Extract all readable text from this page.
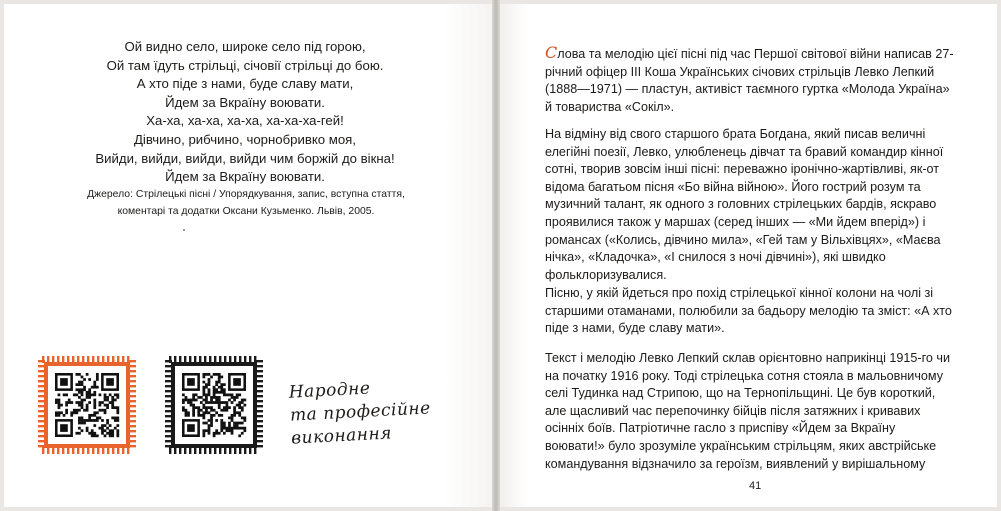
Ой видно село, широке село під горою,
Ой там їдуть стрільці, січовії стрільці до бою.
А хто піде з нами, буде славу мати,
Йдем за Вкраїну воювати.
Ха-ха, ха-ха, ха-ха, ха-ха-ха-гей!
Дівчино, рибчино, чорнобривко моя,
Вийди, вийди, вийди, вийди чим боржій до вікна!
Йдем за Вкраїну воювати.
Джерело: Стрілецькі пісні / Упорядкування, запис, вступна стаття,
коментарі та додатки Оксани Кузьменко. Львів, 2005.
Народне
та професійне
виконання

Слова та мелодію цієї пісні під час Першої світової війни написав 27-річний офіцер ІІІ Коша Українських січових стрільців Левко Лепкий (1888—1971) — пластун, активіст таємного гуртка «Молода Україна» й товариства «Сокіл».

На відміну від свого старшого брата Богдана, який писав величні елегійні поезії, Левко, улюбленець дівчат та бравий командир кінної сотні, творив зовсім інші пісні: переважно іронічно-жартівливі, як-от відома багатьом пісня «Бо війна війною». Його гострий розум та музичний талант, як одного з головних стрілецьких бардів, яскраво проявилися також у маршах (серед інших — «Ми йдем вперід») і романсах («Колись, дівчино мила», «Гей там у Вільхівцях», «Маєва нічка», «Кладочка», «І снилося з ночі дівчині»), які швидко фольклоризувалися.

Пісню, у якій йдеться про похід стрілецької кінної колони на чолі зі старшими отаманами, полюбили за бадьору мелодію та зміст: «А хто піде з нами, буде славу мати».

Текст і мелодію Левко Лепкий склав орієнтовно наприкінці 1915-го чи на початку 1916 року. Тоді стрілецька сотня стояла в мальовничому селі Тудинка над Стрипою, що на Тернопільщині. Це був короткий, але щасливий час перепочинку бійців після затяжних і кривавих осінніх боїв. Патріотичне гасло з приспіву «Йдем за Вкраїну воювати!» було зрозуміле українським стрільцям, яких австрійське командування відзначило за героїзм, виявлений у вирішальному

41
